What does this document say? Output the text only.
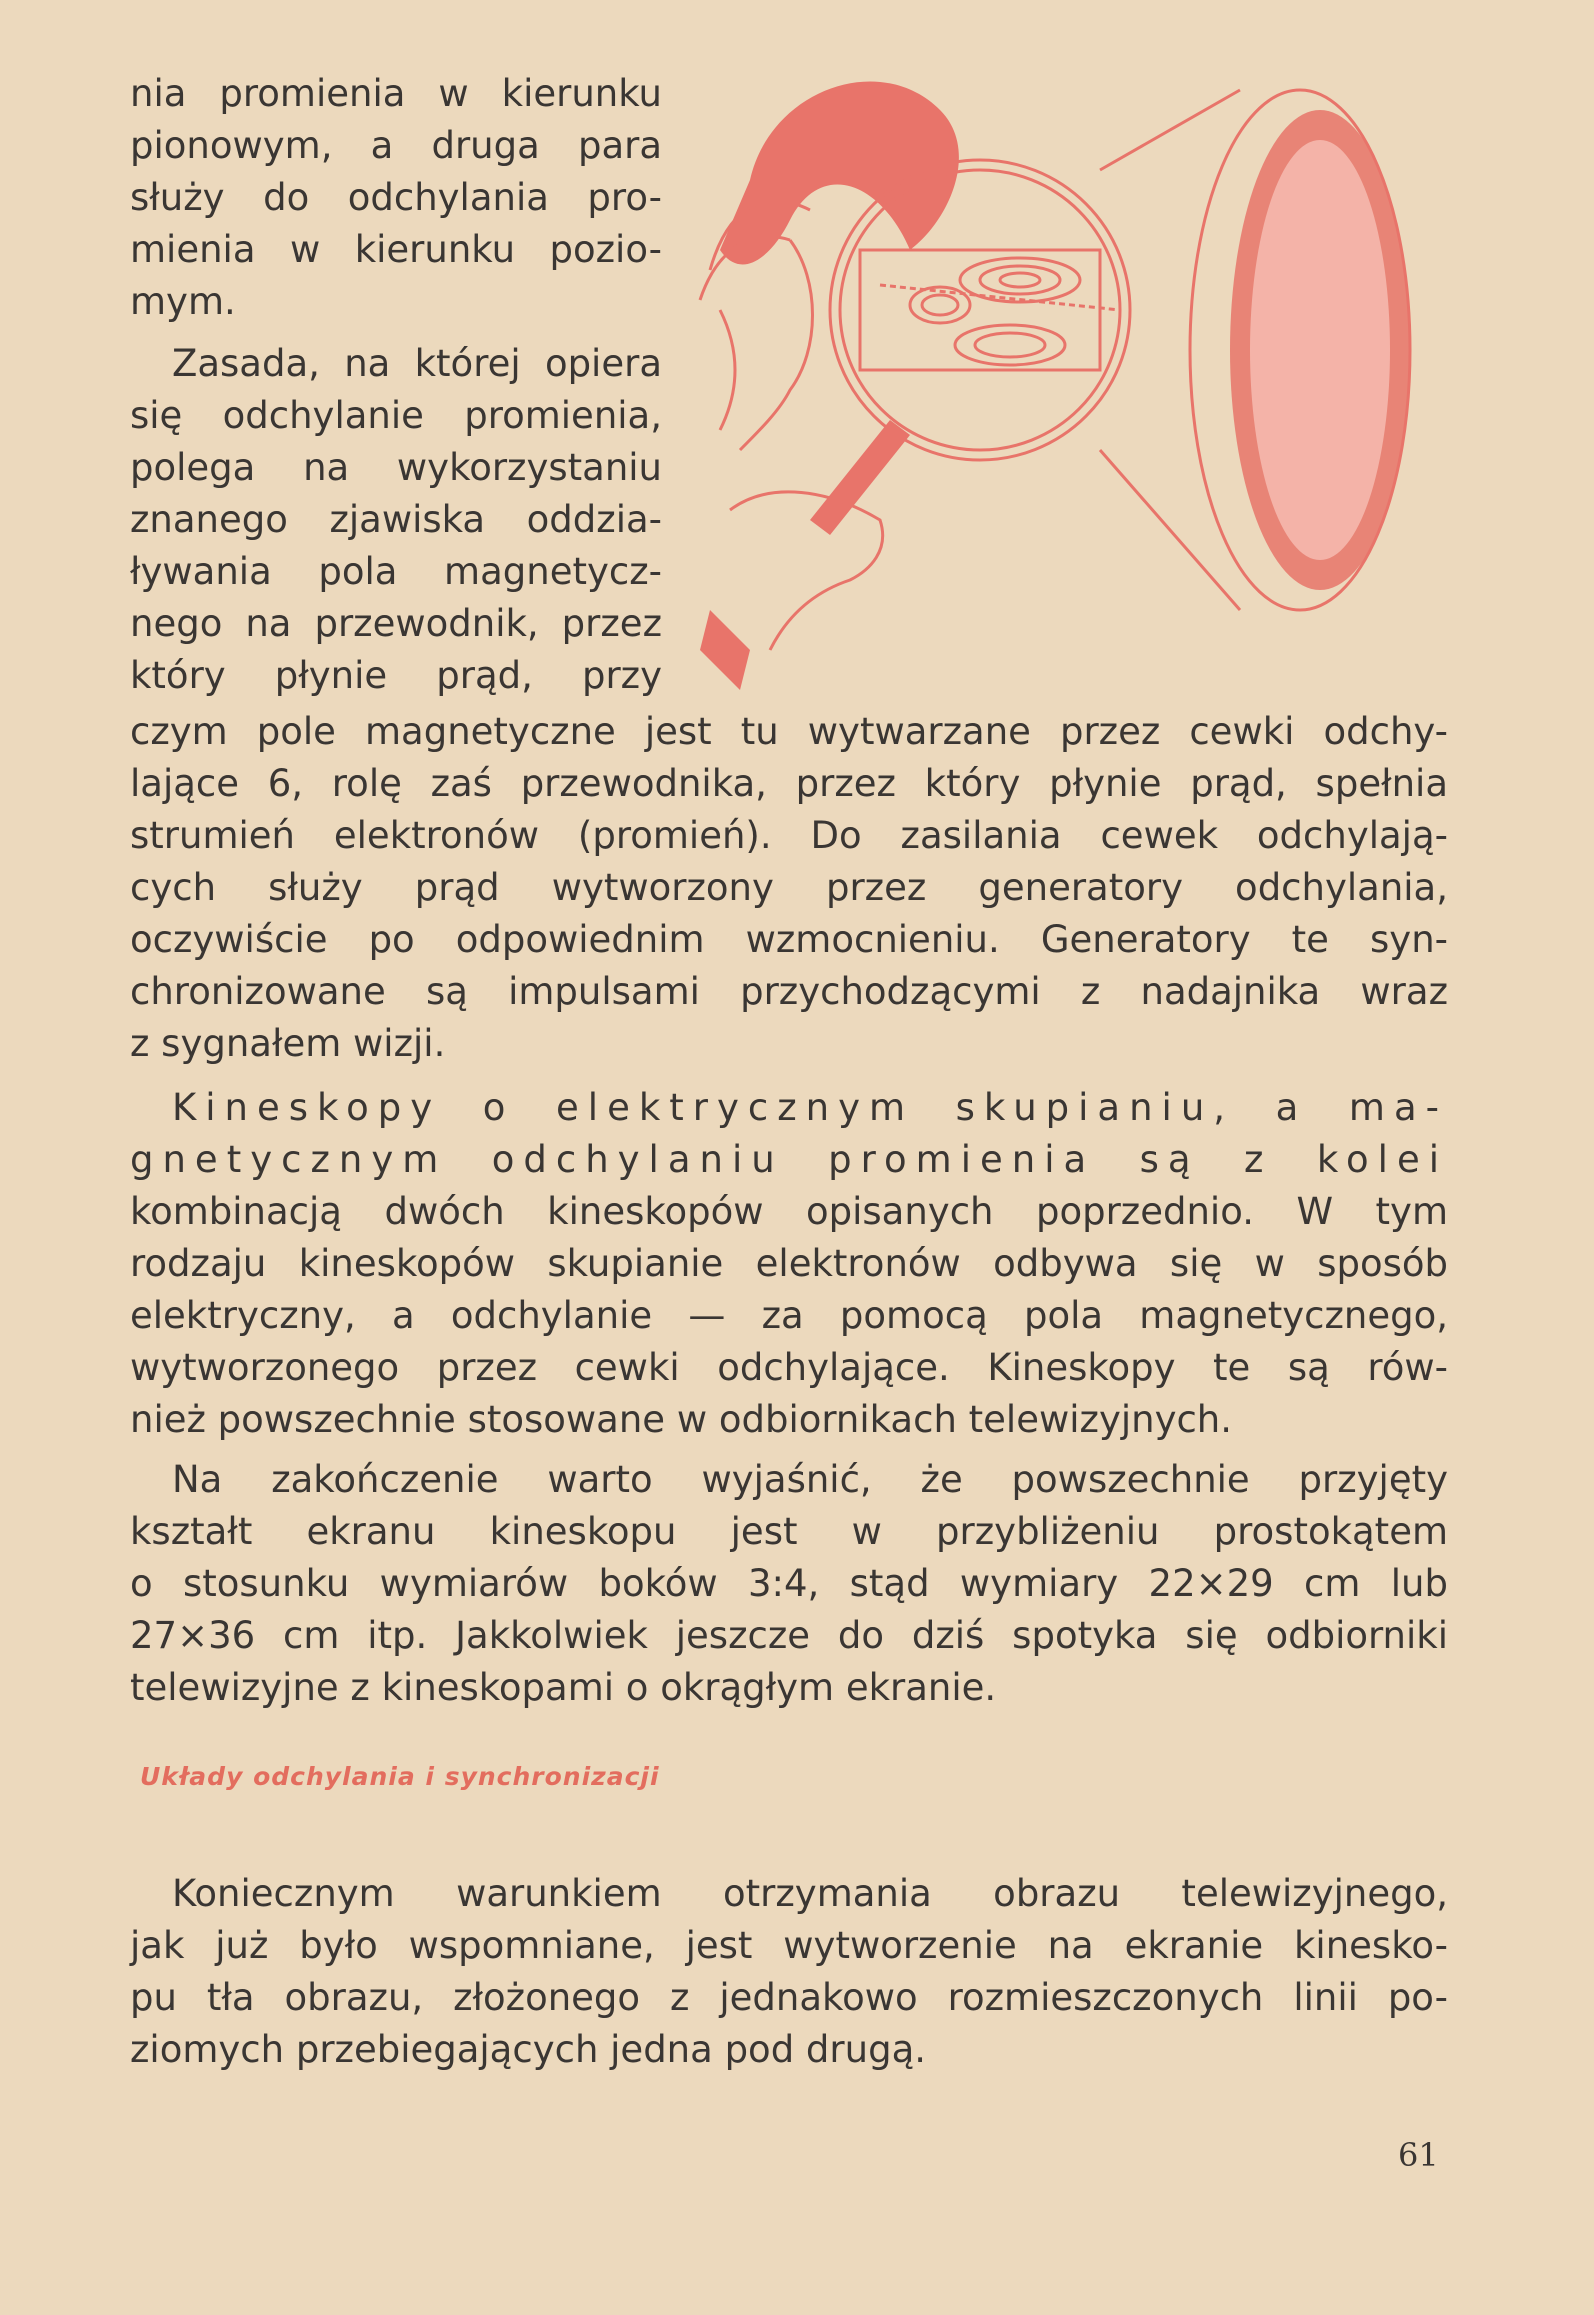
nia promienia w kierunku
pionowym, a druga para
służy do odchylania pro-
mienia w kierunku pozio-
mym.
Zasada, na której opiera
się odchylanie promienia,
polega na wykorzystaniu
znanego zjawiska oddzia-
ływania pola magnetycz-
nego na przewodnik, przez
który płynie prąd, przy
czym pole magnetyczne jest tu wytwarzane przez cewki odchy-
lające 6, rolę zaś przewodnika, przez który płynie prąd, spełnia
strumień elektronów (promień). Do zasilania cewek odchylają-
cych służy prąd wytworzony przez generatory odchylania,
oczywiście po odpowiednim wzmocnieniu. Generatory te syn-
chronizowane są impulsami przychodzącymi z nadajnika wraz
z sygnałem wizji.
Kineskopy o elektrycznym skupianiu, a ma-
gnetycznym odchylaniu promienia są z kolei
kombinacją dwóch kineskopów opisanych poprzednio. W tym
rodzaju kineskopów skupianie elektronów odbywa się w sposób
elektryczny, a odchylanie — za pomocą pola magnetycznego,
wytworzonego przez cewki odchylające. Kineskopy te są rów-
nież powszechnie stosowane w odbiornikach telewizyjnych.
Na zakończenie warto wyjaśnić, że powszechnie przyjęty
kształt ekranu kineskopu jest w przybliżeniu prostokątem
o stosunku wymiarów boków 3:4, stąd wymiary 22×29 cm lub
27×36 cm itp. Jakkolwiek jeszcze do dziś spotyka się odbiorniki
telewizyjne z kineskopami o okrągłym ekranie.
Układy odchylania i synchronizacji
Koniecznym warunkiem otrzymania obrazu telewizyjnego,
jak już było wspomniane, jest wytworzenie na ekranie kinesko-
pu tła obrazu, złożonego z jednakowo rozmieszczonych linii po-
ziomych przebiegających jedna pod drugą.
61
